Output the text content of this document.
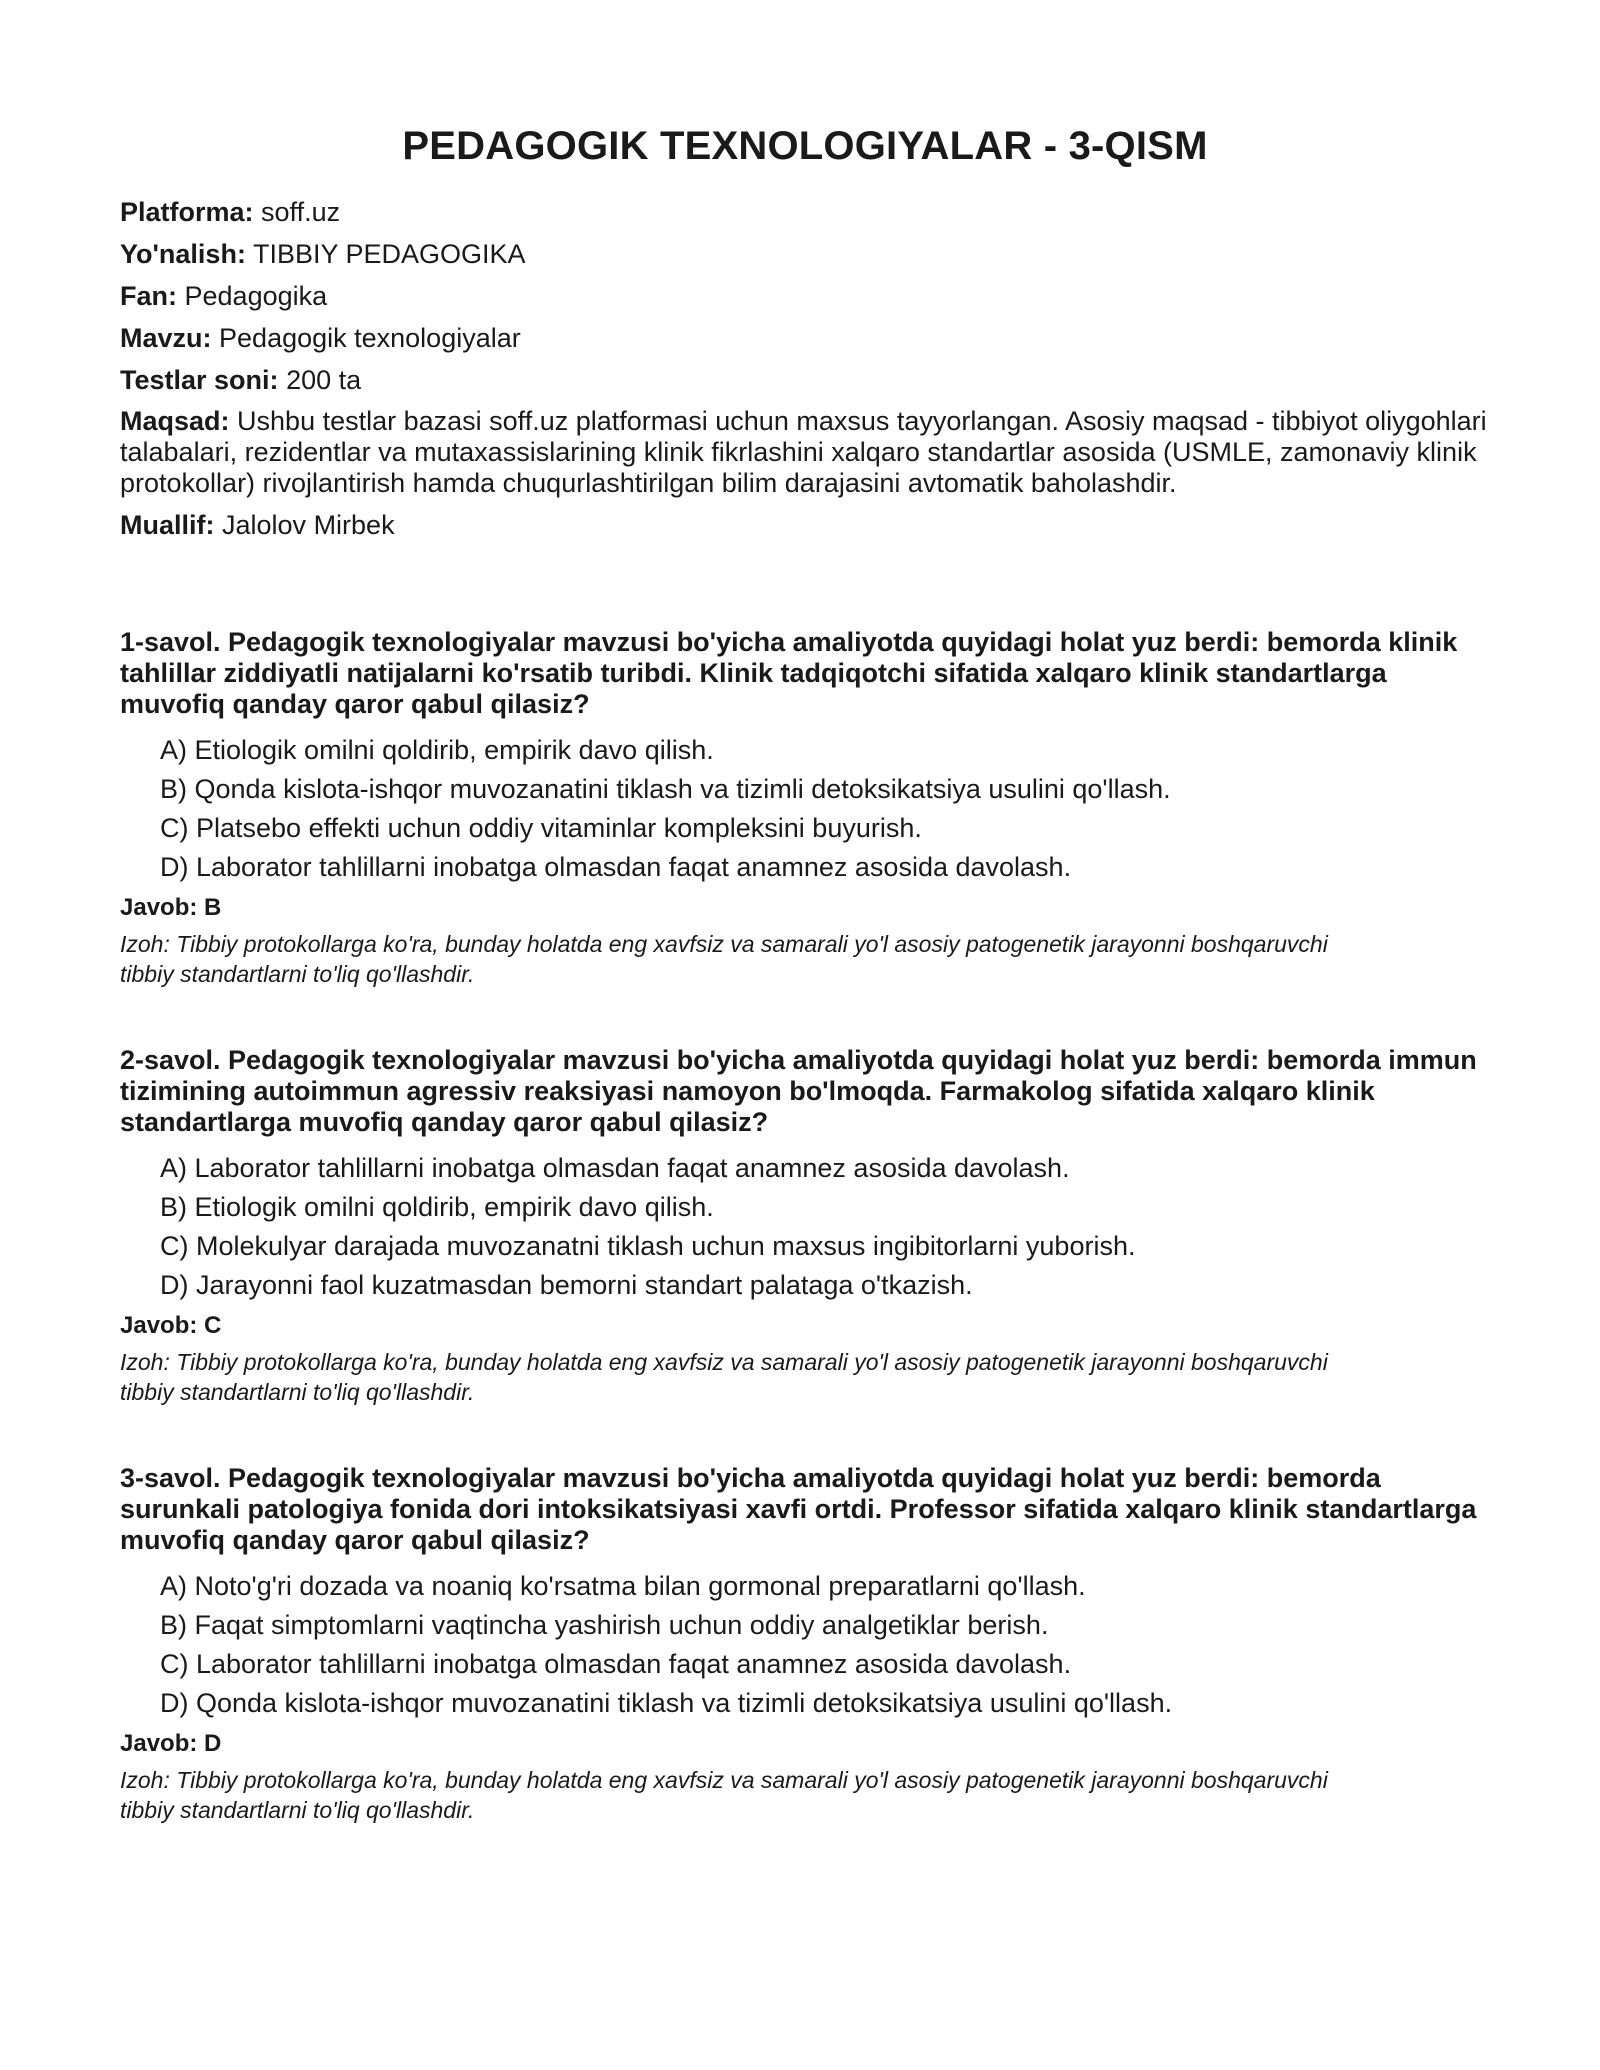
PEDAGOGIK TEXNOLOGIYALAR - 3-QISM

Platforma: soff.uz

Yo'nalish: TIBBIY PEDAGOGIKA

Fan: Pedagogika

Mavzu: Pedagogik texnologiyalar

Testlar soni: 200 ta

Maqsad: Ushbu testlar bazasi soff.uz platformasi uchun maxsus tayyorlangan. Asosiy maqsad - tibbiyot oliygohlari talabalari, rezidentlar va mutaxassislarining klinik fikrlashini xalqaro standartlar asosida (USMLE, zamonaviy klinik protokollar) rivojlantirish hamda chuqurlashtirilgan bilim darajasini avtomatik baholashdir.

Muallif: Jalolov Mirbek

1-savol. Pedagogik texnologiyalar mavzusi bo'yicha amaliyotda quyidagi holat yuz berdi: bemorda klinik tahlillar ziddiyatli natijalarni ko'rsatib turibdi. Klinik tadqiqotchi sifatida xalqaro klinik standartlarga muvofiq qanday qaror qabul qilasiz?

A) Etiologik omilni qoldirib, empirik davo qilish.
B) Qonda kislota-ishqor muvozanatini tiklash va tizimli detoksikatsiya usulini qo'llash.
C) Platsebo effekti uchun oddiy vitaminlar kompleksini buyurish.
D) Laborator tahlillarni inobatga olmasdan faqat anamnez asosida davolash.

Javob: B

Izoh: Tibbiy protokollarga ko'ra, bunday holatda eng xavfsiz va samarali yo'l asosiy patogenetik jarayonni boshqaruvchi tibbiy standartlarni to'liq qo'llashdir.

2-savol. Pedagogik texnologiyalar mavzusi bo'yicha amaliyotda quyidagi holat yuz berdi: bemorda immun tizimining autoimmun agressiv reaksiyasi namoyon bo'lmoqda. Farmakolog sifatida xalqaro klinik standartlarga muvofiq qanday qaror qabul qilasiz?

A) Laborator tahlillarni inobatga olmasdan faqat anamnez asosida davolash.
B) Etiologik omilni qoldirib, empirik davo qilish.
C) Molekulyar darajada muvozanatni tiklash uchun maxsus ingibitorlarni yuborish.
D) Jarayonni faol kuzatmasdan bemorni standart palataga o'tkazish.

Javob: C

Izoh: Tibbiy protokollarga ko'ra, bunday holatda eng xavfsiz va samarali yo'l asosiy patogenetik jarayonni boshqaruvchi tibbiy standartlarni to'liq qo'llashdir.

3-savol. Pedagogik texnologiyalar mavzusi bo'yicha amaliyotda quyidagi holat yuz berdi: bemorda surunkali patologiya fonida dori intoksikatsiyasi xavfi ortdi. Professor sifatida xalqaro klinik standartlarga muvofiq qanday qaror qabul qilasiz?

A) Noto'g'ri dozada va noaniq ko'rsatma bilan gormonal preparatlarni qo'llash.
B) Faqat simptomlarni vaqtincha yashirish uchun oddiy analgetiklar berish.
C) Laborator tahlillarni inobatga olmasdan faqat anamnez asosida davolash.
D) Qonda kislota-ishqor muvozanatini tiklash va tizimli detoksikatsiya usulini qo'llash.

Javob: D

Izoh: Tibbiy protokollarga ko'ra, bunday holatda eng xavfsiz va samarali yo'l asosiy patogenetik jarayonni boshqaruvchi tibbiy standartlarni to'liq qo'llashdir.
